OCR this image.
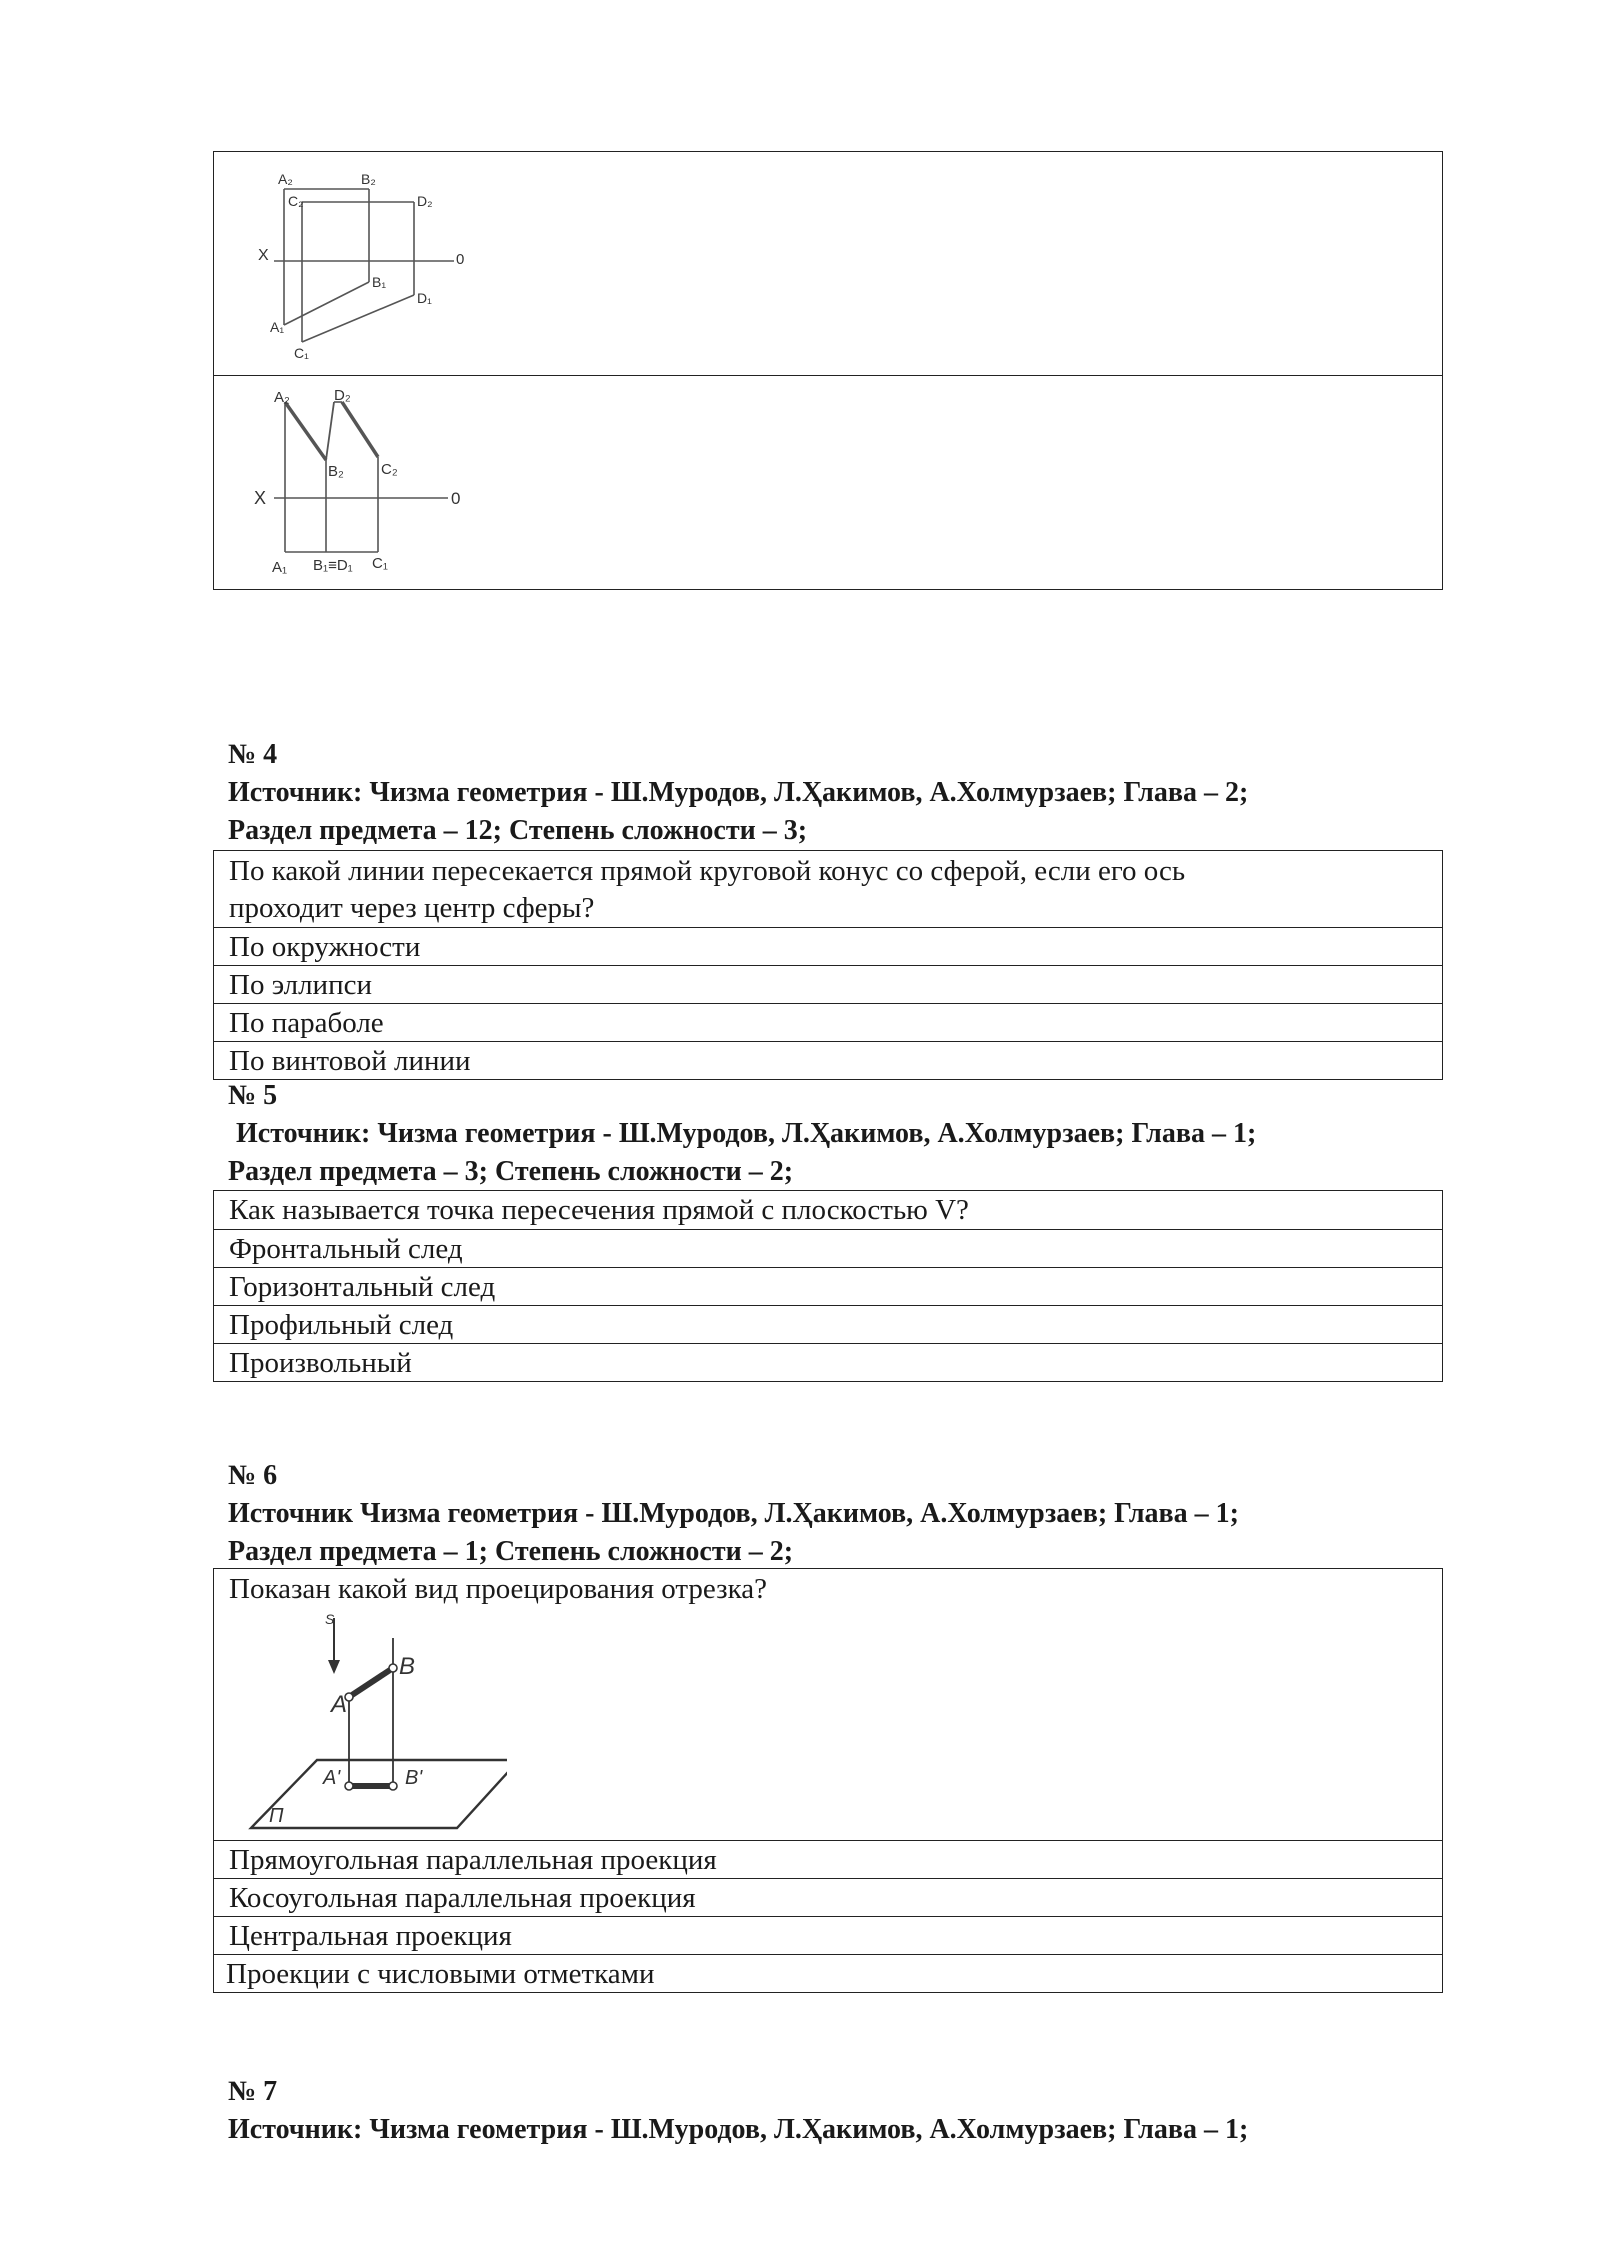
A₂	B₂
C₂	D₂
X	0
B₁
D₁
A₁
C₁
A₂	D₂
B₂ C₂
X	0
A₁ B₁≡D₁ C₁
№ 4
Источник: Чизма геометрия - Ш.Муродов, Л.Ҳакимов, А.Холмурзаев; Глава – 2;
Раздел предмета – 12; Степень сложности – 3;
По какой линии пересекается прямой круговой конус со сферой, если его ось
проходит через центр сферы?
По окружности
По эллипси
По параболе
По винтовой линии
№ 5
Источник: Чизма геометрия - Ш.Муродов, Л.Ҳакимов, А.Холмурзаев; Глава – 1;
Раздел предмета – 3; Степень сложности – 2;
Как называется точка пересечения прямой с плоскостью V?
Фронтальный след
Горизонтальный след
Профильный след
Произвольный
№ 6
Источник Чизма геометрия - Ш.Муродов, Л.Ҳакимов, А.Холмурзаев; Глава – 1;
Раздел предмета – 1; Степень сложности – 2;
Показан какой вид проецирования отрезка?
S
B
A
A'	B'
П
Прямоугольная параллельная проекция
Косоугольная параллельная проекция
Центральная проекция
Проекции с числовыми отметками
№ 7
Источник: Чизма геометрия - Ш.Муродов, Л.Ҳакимов, А.Холмурзаев; Глава – 1;
